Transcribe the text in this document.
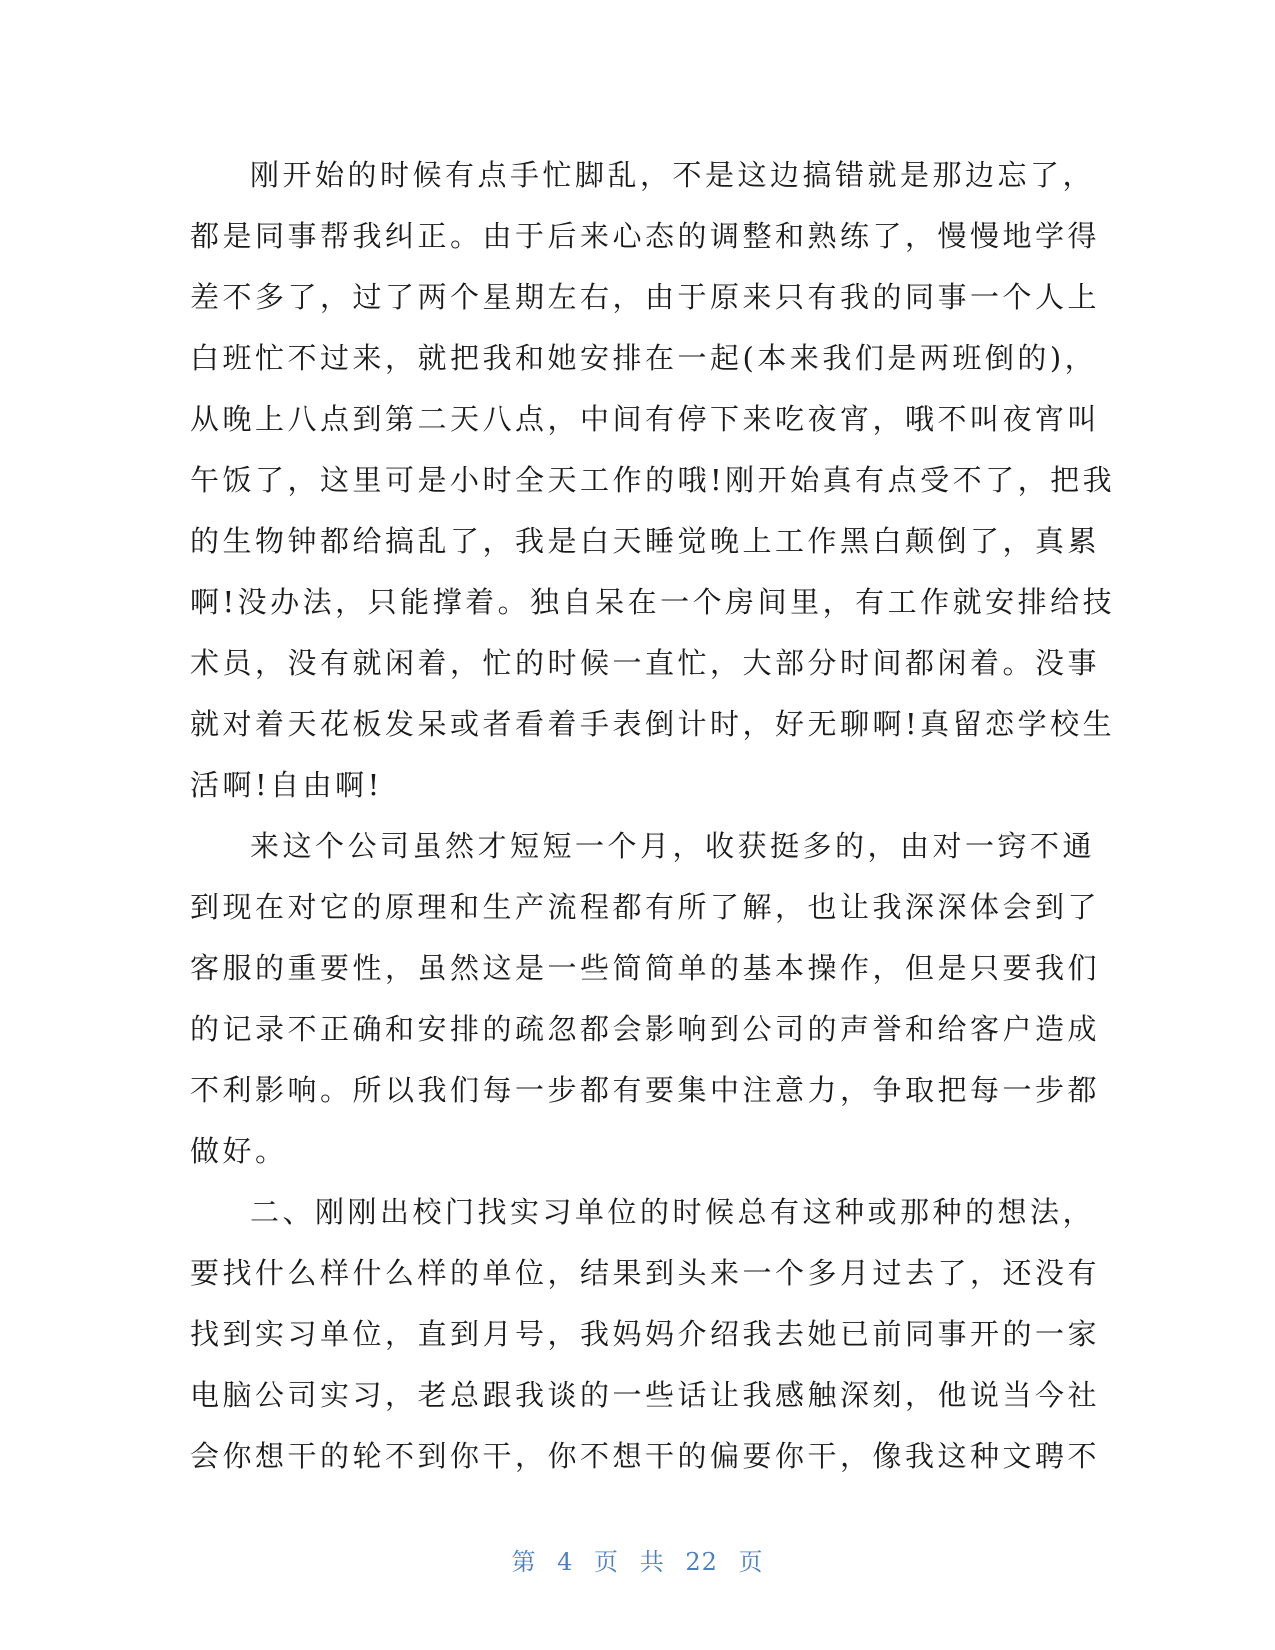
刚开始的时候有点手忙脚乱，不是这边搞错就是那边忘了，
都是同事帮我纠正。由于后来心态的调整和熟练了，慢慢地学得
差不多了，过了两个星期左右，由于原来只有我的同事一个人上
白班忙不过来，就把我和她安排在一起(本来我们是两班倒的)，
从晚上八点到第二天八点，中间有停下来吃夜宵，哦不叫夜宵叫
午饭了，这里可是小时全天工作的哦!刚开始真有点受不了，把我
的生物钟都给搞乱了，我是白天睡觉晚上工作黑白颠倒了，真累
啊!没办法，只能撑着。独自呆在一个房间里，有工作就安排给技
术员，没有就闲着，忙的时候一直忙，大部分时间都闲着。没事
就对着天花板发呆或者看着手表倒计时，好无聊啊!真留恋学校生
活啊!自由啊!
来这个公司虽然才短短一个月，收获挺多的，由对一窍不通
到现在对它的原理和生产流程都有所了解，也让我深深体会到了
客服的重要性，虽然这是一些简简单的基本操作，但是只要我们
的记录不正确和安排的疏忽都会影响到公司的声誉和给客户造成
不利影响。所以我们每一步都有要集中注意力，争取把每一步都
做好。
二、刚刚出校门找实习单位的时候总有这种或那种的想法，
要找什么样什么样的单位，结果到头来一个多月过去了，还没有
找到实习单位，直到月号，我妈妈介绍我去她已前同事开的一家
电脑公司实习，老总跟我谈的一些话让我感触深刻，他说当今社
会你想干的轮不到你干，你不想干的偏要你干，像我这种文聘不
第 4 页 共 22 页
